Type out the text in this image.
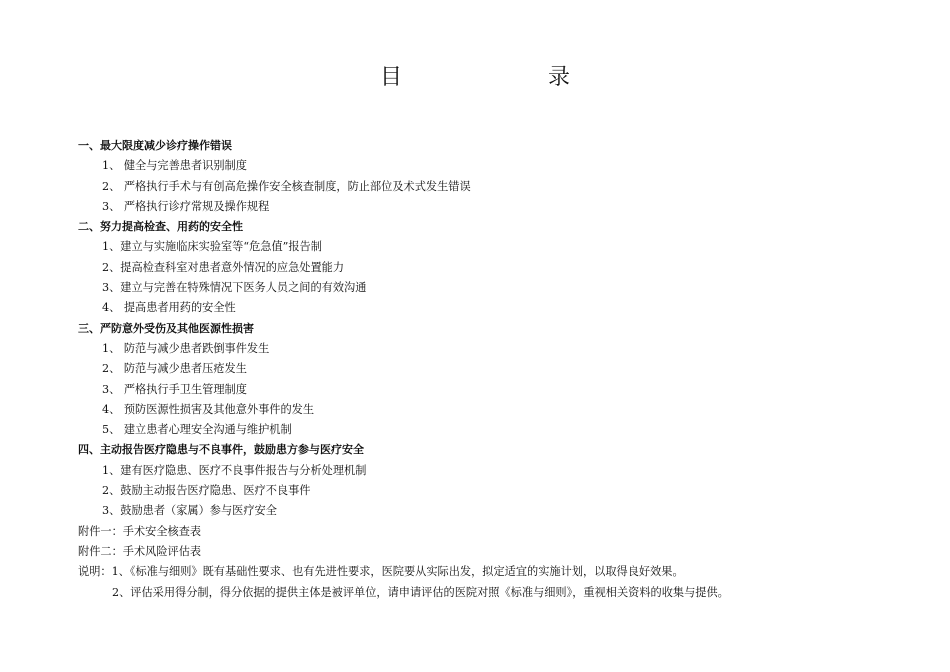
目　　录
一、最大限度减少诊疗操作错误
1、 健全与完善患者识别制度
2、 严格执行手术与有创高危操作安全核查制度，防止部位及术式发生错误
3、 严格执行诊疗常规及操作规程
二、努力提高检查、用药的安全性
1、建立与实施临床实验室等“危急值”报告制
2、提高检查科室对患者意外情况的应急处置能力
3、建立与完善在特殊情况下医务人员之间的有效沟通
4、 提高患者用药的安全性
三、严防意外受伤及其他医源性损害
1、 防范与减少患者跌倒事件发生
2、 防范与减少患者压疮发生
3、 严格执行手卫生管理制度
4、 预防医源性损害及其他意外事件的发生
5、 建立患者心理安全沟通与维护机制
四、主动报告医疗隐患与不良事件，鼓励患方参与医疗安全
1、建有医疗隐患、医疗不良事件报告与分析处理机制
2、鼓励主动报告医疗隐患、医疗不良事件
3、鼓励患者（家属）参与医疗安全
附件一：手术安全核查表
附件二：手术风险评估表
说明：1、《标准与细则》既有基础性要求、也有先进性要求，医院要从实际出发，拟定适宜的实施计划，以取得良好效果。
2、评估采用得分制，得分依据的提供主体是被评单位，请申请评估的医院对照《标准与细则》，重视相关资料的收集与提供。
